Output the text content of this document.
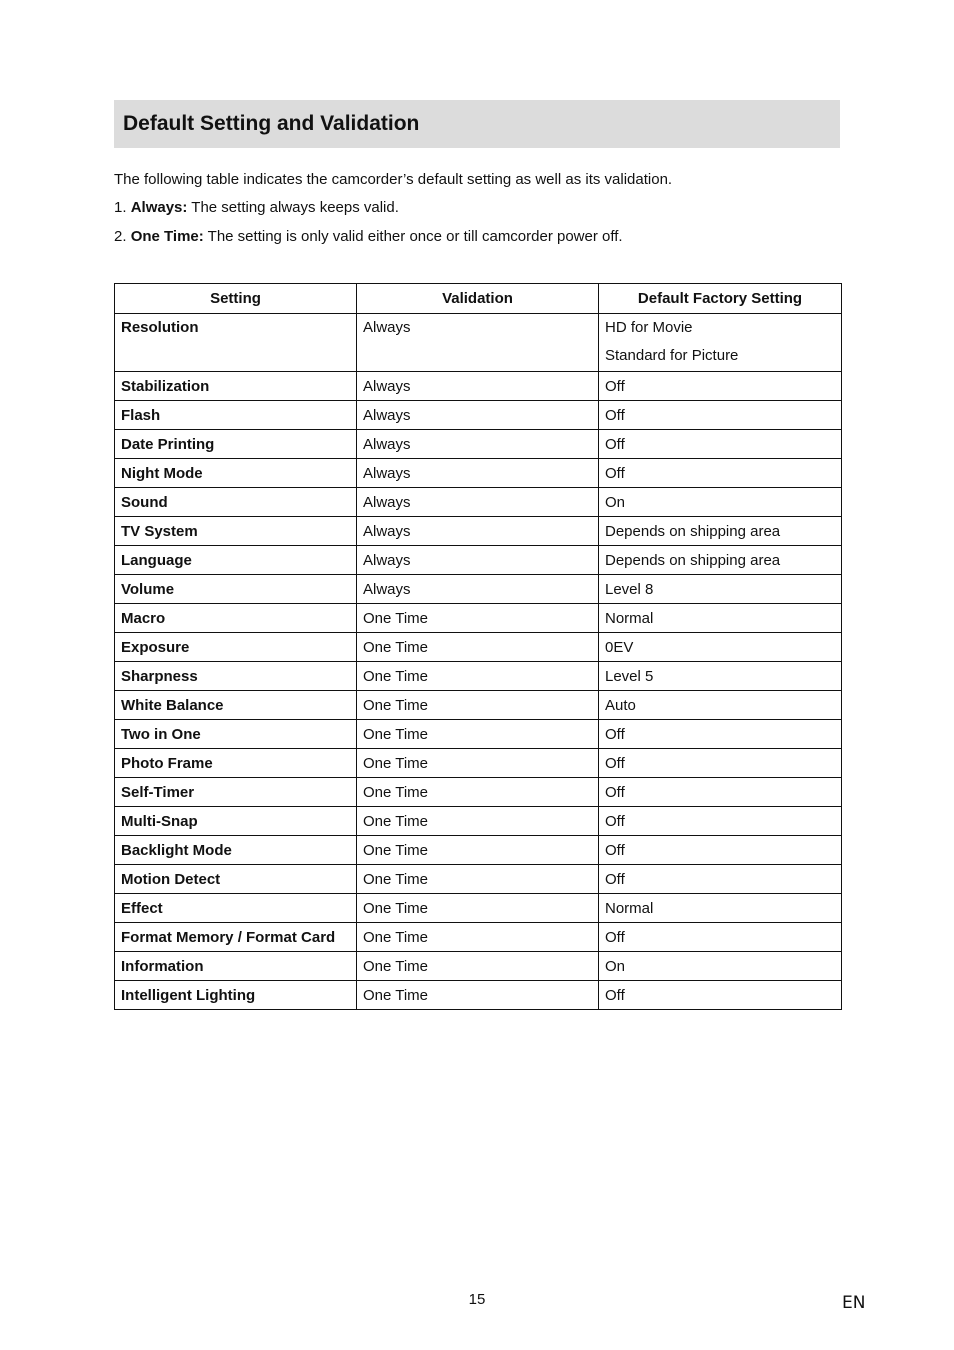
Default Setting and Validation
The following table indicates the camcorder’s default setting as well as its validation.
1. Always: The setting always keeps valid.
2. One Time: The setting is only valid either once or till camcorder power off.
Setting	Validation	Default Factory Setting

Resolution	Always	HD for Movie
Standard for Picture

Stabilization	Always	Off
Flash	Always	Off
Date Printing	Always	Off
Night Mode	Always	Off
Sound	Always	On
TV System	Always	Depends on shipping area
Language	Always	Depends on shipping area
Volume	Always	Level 8
Macro	One Time	Normal
Exposure	One Time	0EV
Sharpness	One Time	Level 5
White Balance	One Time	Auto
Two in One	One Time	Off
Photo Frame	One Time	Off
Self-Timer	One Time	Off
Multi-Snap	One Time	Off
Backlight Mode	One Time	Off
Motion Detect	One Time	Off
Effect	One Time	Normal
Format Memory / Format Card	One Time	Off
Information	One Time	On
Intelligent Lighting	One Time	Off
15	EN
